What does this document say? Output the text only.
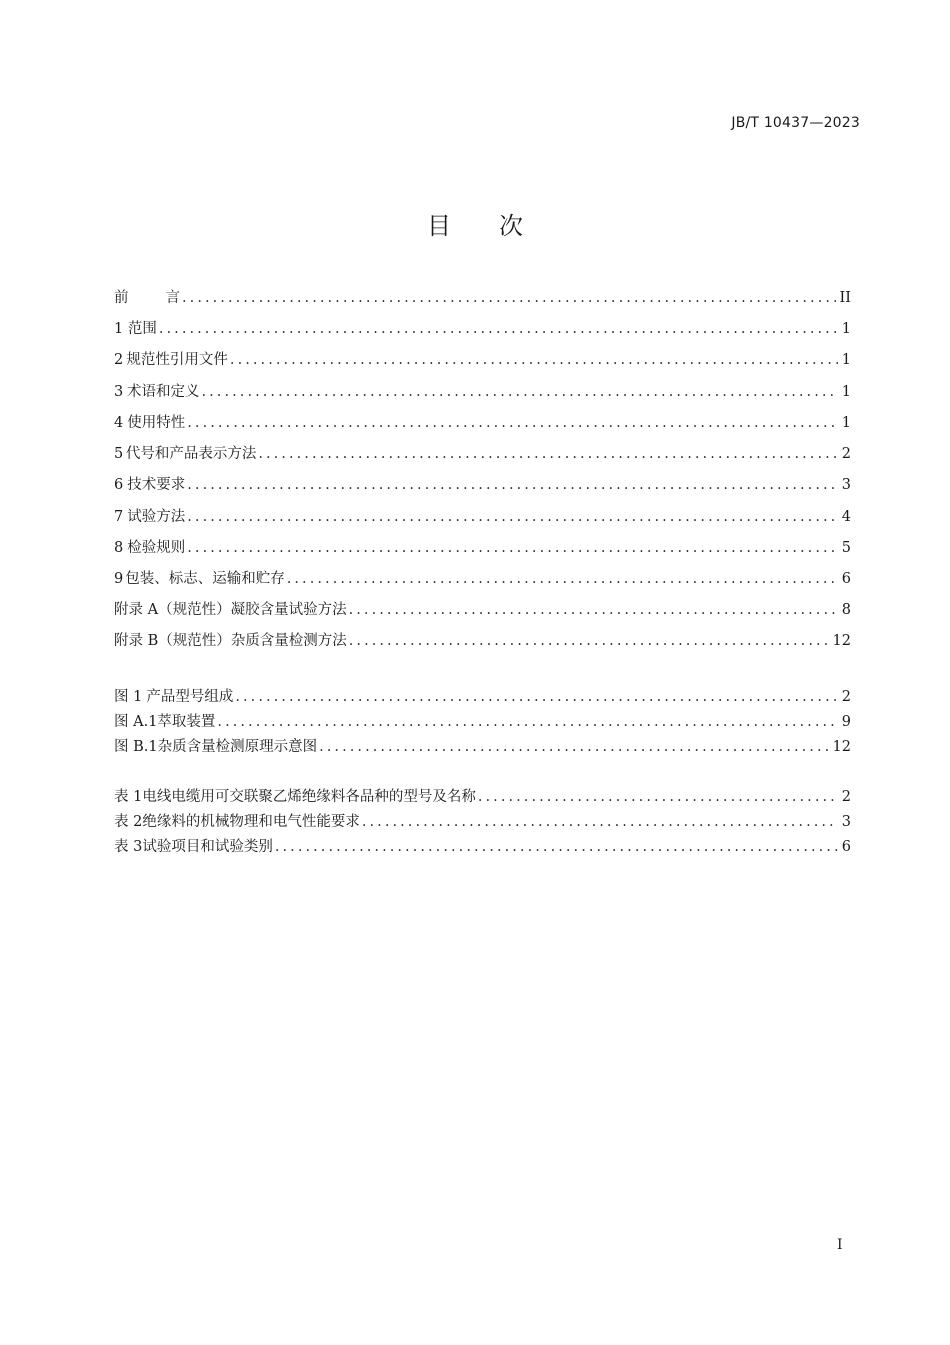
JB/T 10437—2023
目 次
前	言 .....	II
1 范围 .....	1
2 规范性引用文件 .....	1
3 术语和定义 .....	1
4 使用特性 .....	1
5 代号和产品表示方法 .....	2
6 技术要求 .....	3
7 试验方法 .....	4
8 检验规则 .....	5
9 包装、标志、运输和贮存 .....	6
附录 A （规范性） 凝胶含量试验方法 .....	8
附录 B （规范性） 杂质含量检测方法 .....	12
图 1 产品型号组成 .....	2
图 A.1 萃取装置 .....	9
图 B.1 杂质含量检测原理示意图 .....	12
表 1 电线电缆用可交联聚乙烯绝缘料各品种的型号及名称 .....	2
表 2 绝缘料的机械物理和电气性能要求 .....	3
表 3 试验项目和试验类别 .....	6
I
